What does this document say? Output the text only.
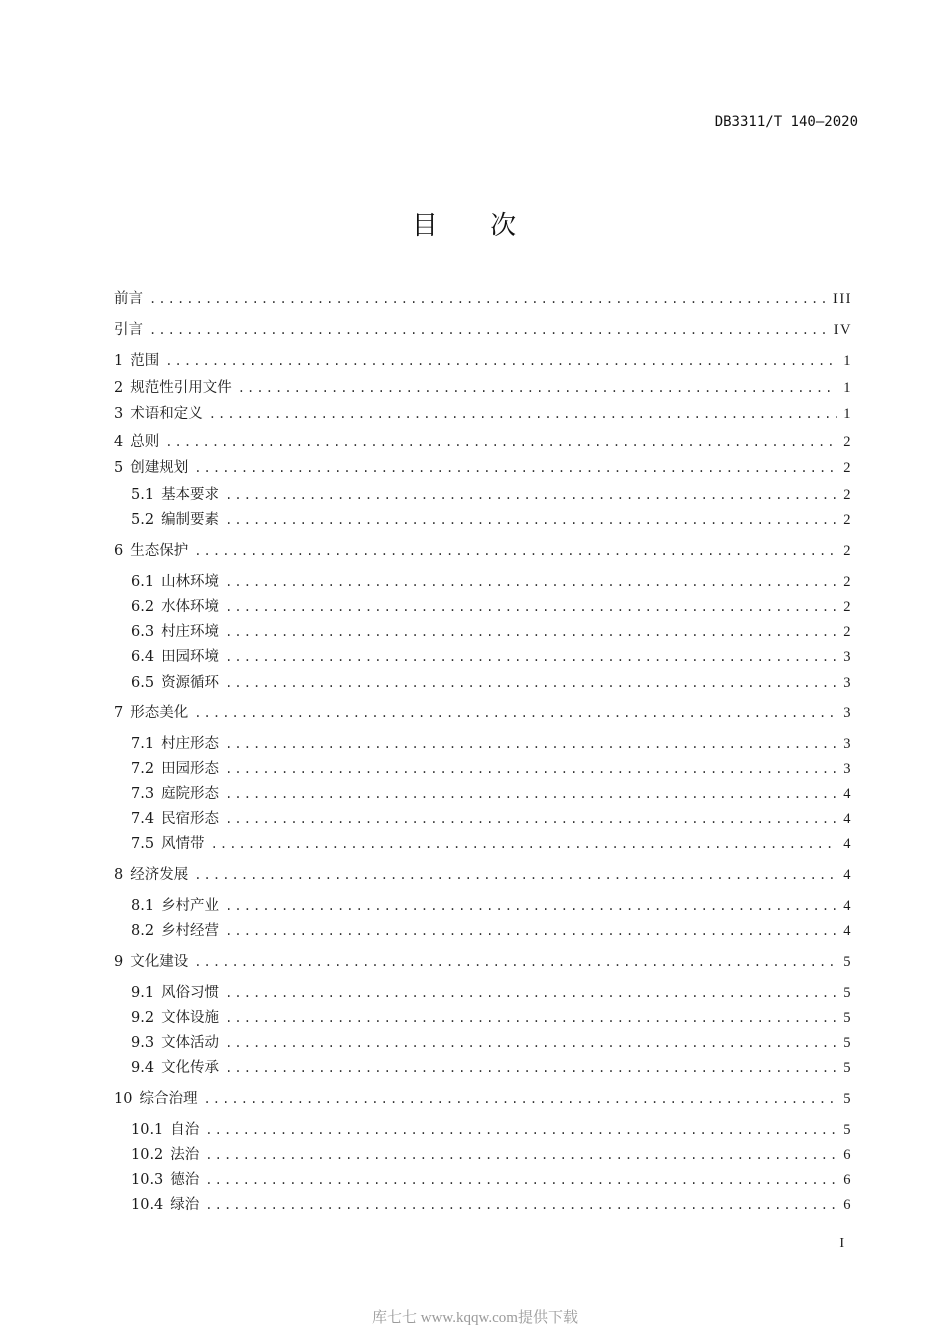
DB3311/T 140—2020
目 次
前言 .....	III
引言 .....	IV
1 范围 .....	1
2 规范性引用文件 .....	1
3 术语和定义 .....	1
4 总则 .....	2
5 创建规划 .....	2
5.1 基本要求 .....	2
5.2 编制要素 .....	2
6 生态保护 .....	2
6.1 山林环境 .....	2
6.2 水体环境 .....	2
6.3 村庄环境 .....	2
6.4 田园环境 .....	3
6.5 资源循环 .....	3
7 形态美化 .....	3
7.1 村庄形态 .....	3
7.2 田园形态 .....	3
7.3 庭院形态 .....	4
7.4 民宿形态 .....	4
7.5 风情带 .....	4
8 经济发展 .....	4
8.1 乡村产业 .....	4
8.2 乡村经营 .....	4
9 文化建设 .....	5
9.1 风俗习惯 .....	5
9.2 文体设施 .....	5
9.3 文体活动 .....	5
9.4 文化传承 .....	5
10 综合治理 .....	5
10.1 自治 .....	5
10.2 法治 .....	6
10.3 德治 .....	6
10.4 绿治 .....	6
I
库七七 www.kqqw.com提供下载
